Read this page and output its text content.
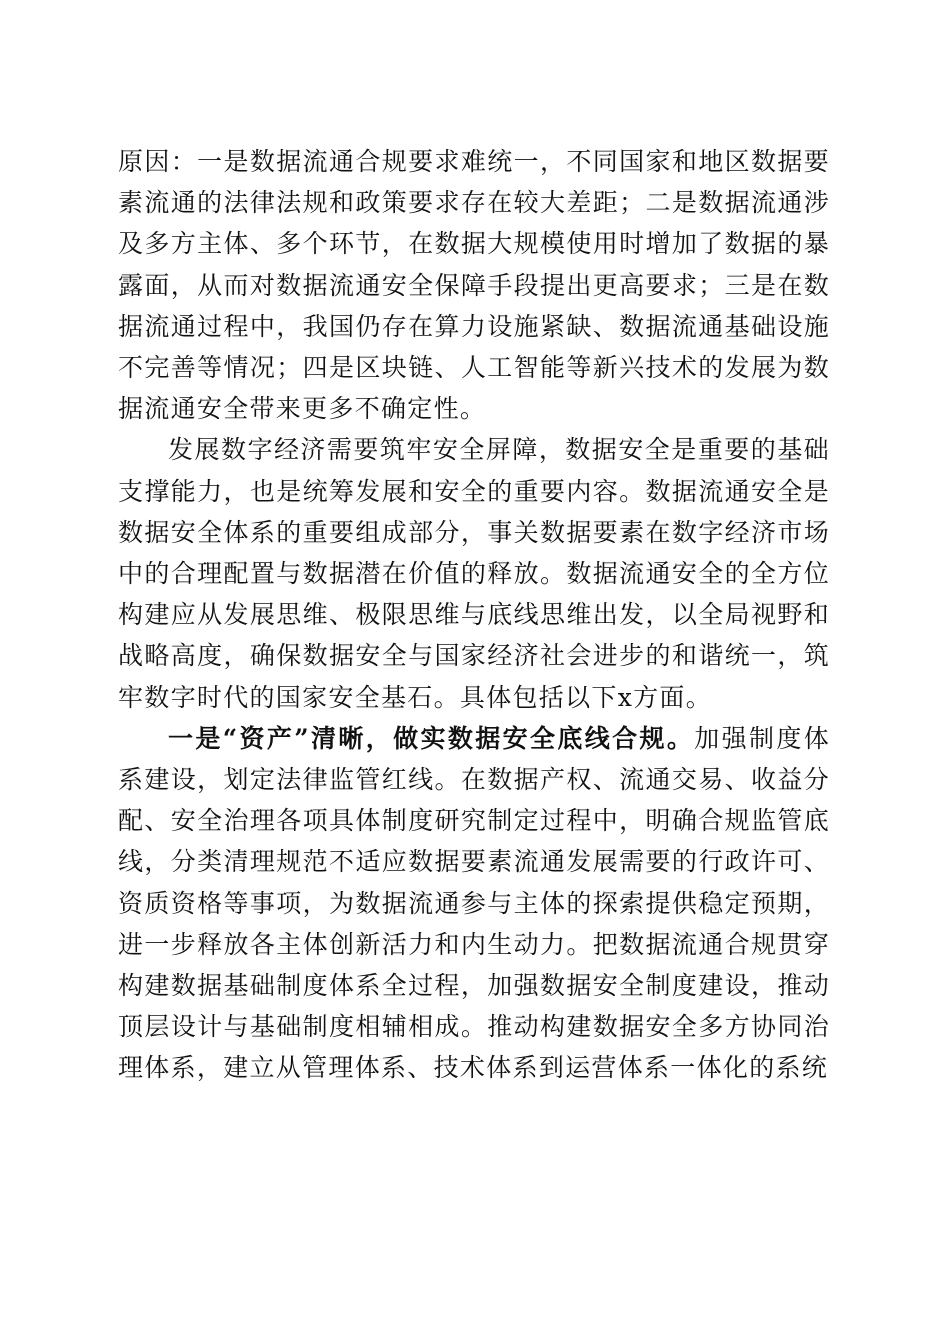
原因：一是数据流通合规要求难统一，不同国家和地区数据要素流通的法律法规和政策要求存在较大差距；二是数据流通涉及多方主体、多个环节，在数据大规模使用时增加了数据的暴露面，从而对数据流通安全保障手段提出更高要求；三是在数据流通过程中，我国仍存在算力设施紧缺、数据流通基础设施不完善等情况；四是区块链、人工智能等新兴技术的发展为数据流通安全带来更多不确定性。

发展数字经济需要筑牢安全屏障，数据安全是重要的基础支撑能力，也是统筹发展和安全的重要内容。数据流通安全是数据安全体系的重要组成部分，事关数据要素在数字经济市场中的合理配置与数据潜在价值的释放。数据流通安全的全方位构建应从发展思维、极限思维与底线思维出发，以全局视野和战略高度，确保数据安全与国家经济社会进步的和谐统一，筑牢数字时代的国家安全基石。具体包括以下x方面。

一是“资产”清晰，做实数据安全底线合规。加强制度体系建设，划定法律监管红线。在数据产权、流通交易、收益分配、安全治理各项具体制度研究制定过程中，明确合规监管底线，分类清理规范不适应数据要素流通发展需要的行政许可、资质资格等事项，为数据流通参与主体的探索提供稳定预期，进一步释放各主体创新活力和内生动力。把数据流通合规贯穿构建数据基础制度体系全过程，加强数据安全制度建设，推动顶层设计与基础制度相辅相成。推动构建数据安全多方协同治理体系，建立从管理体系、技术体系到运营体系一体化的系统
